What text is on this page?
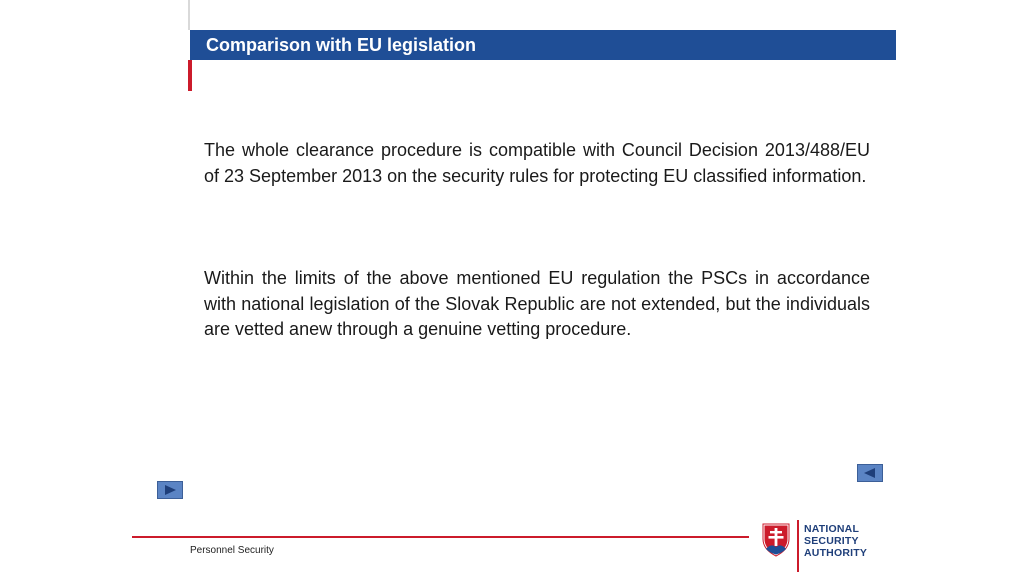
Comparison with EU legislation

The whole clearance procedure is compatible with Council Decision 2013/488/EU of 23 September 2013 on the security rules for protecting EU classified information.

Within the limits of the above mentioned EU regulation the PSCs in accordance with national legislation of the Slovak Republic are not extended, but the individuals are vetted anew through a genuine vetting procedure.

Personnel Security
NATIONAL
SECURITY
AUTHORITY
